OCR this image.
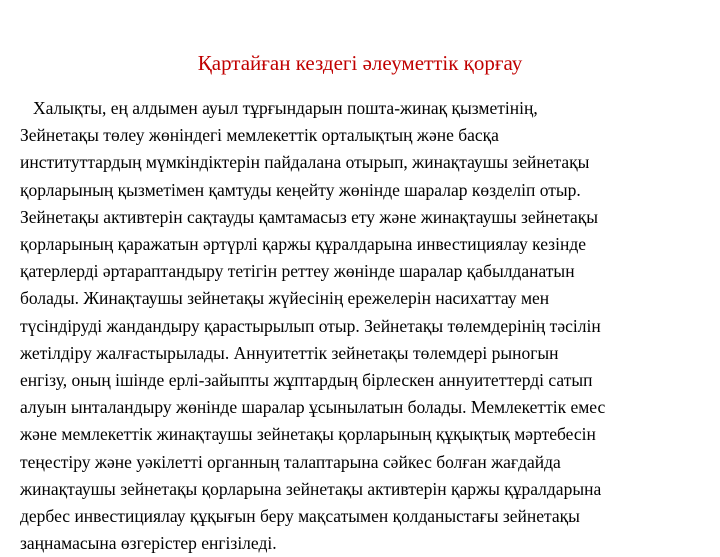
Қартайған кездегі әлеуметтік қорғау

Халықты, ең алдымен ауыл тұрғындарын пошта-жинақ қызметінің,
Зейнетақы төлеу жөніндегі мемлекеттік орталықтың және басқа
институттардың мүмкіндіктерін пайдалана отырып, жинақтаушы зейнетақы
қорларының қызметімен қамтуды кеңейту жөнінде шаралар көзделіп отыр.
Зейнетақы активтерін сақтауды қамтамасыз ету және жинақтаушы зейнетақы
қорларының қаражатын әртүрлі қаржы құралдарына инвестициялау кезінде
қатерлерді әртараптандыру тетігін реттеу жөнінде шаралар қабылданатын
болады. Жинақтаушы зейнетақы жүйесінің ережелерін насихаттау мен
түсіндіруді жандандыру қарастырылып отыр. Зейнетақы төлемдерінің тәсілін
жетілдіру жалғастырылады. Аннуитеттік зейнетақы төлемдері рыногын
енгізу, оның ішінде ерлі-зайыпты жұптардың бірлескен аннуитеттерді сатып
алуын ынталандыру жөнінде шаралар ұсынылатын болады. Мемлекеттік емес
және мемлекеттік жинақтаушы зейнетақы қорларының құқықтық мәртебесін
теңестіру және уәкілетті органның талаптарына сәйкес болған жағдайда
жинақтаушы зейнетақы қорларына зейнетақы активтерін қаржы құралдарына
дербес инвестициялау құқығын беру мақсатымен қолданыстағы зейнетақы
заңнамасына өзгерістер енгізіледі.
